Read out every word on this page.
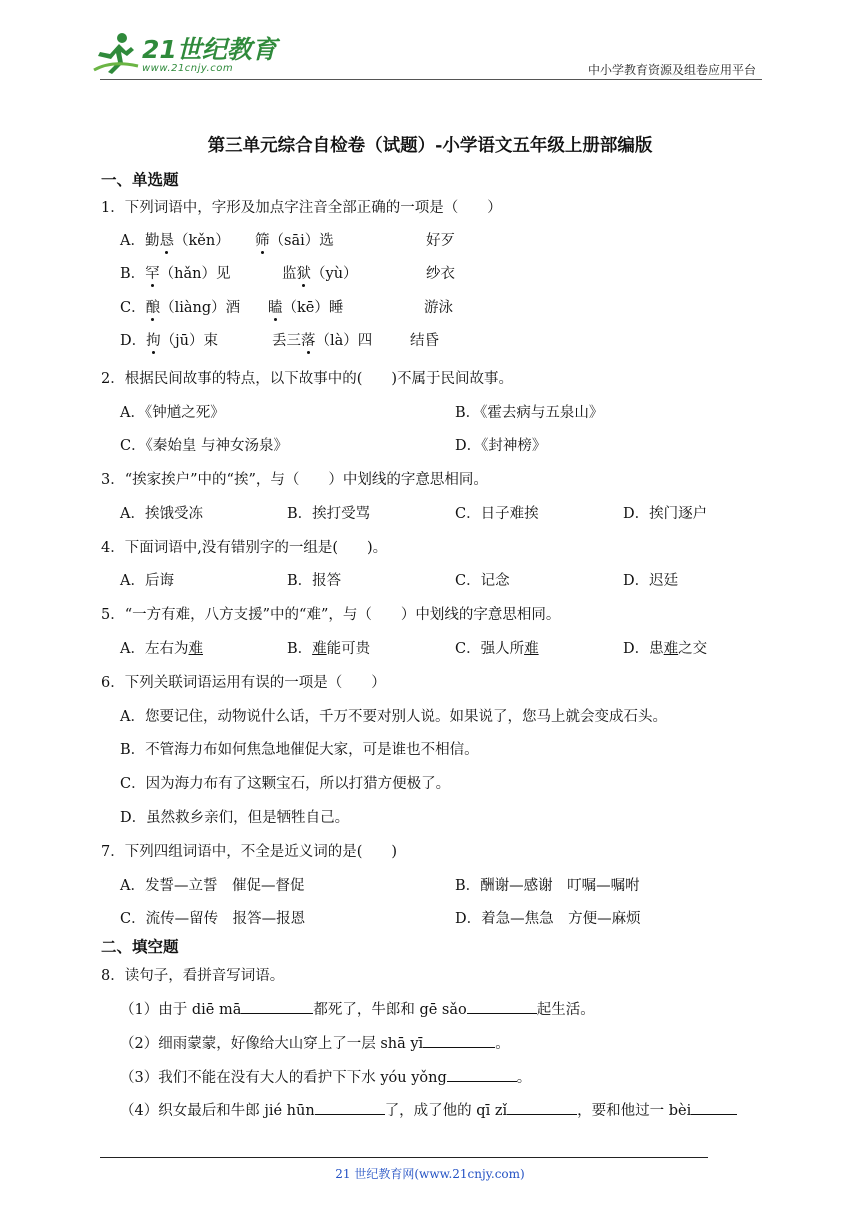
21世纪教育
www.21cnjy.com	中小学教育资源及组卷应用平台
第三单元综合自检卷（试题）-小学语文五年级上册部编版
一、单选题
1．下列词语中，字形及加点字注音全部正确的一项是（　　）
A．勤恳（kěn） 筛（sāi）选	好歹
B．罕（hǎn）见	监狱（yù）	纱衣
C．酿（liàng）酒 瞌（kē）睡	游泳
D．拘（jū）束	丢三落（là）四	结昏
2．根据民间故事的特点，以下故事中的(　　)不属于民间故事。
A．《钟馗之死》	B．《霍去病与五泉山》
C．《秦始皇 与神女汤泉》	D．《封神榜》
3．“挨家挨户”中的“挨”，与（　　）中划线的字意思相同。
A．挨饿受冻	B．挨打受骂	C．日子难挨	D．挨门逐户
4．下面词语中,没有错别字的一组是(　　)。
A．后诲	B．报答	C．记念	D．迟廷
5．“一方有难，八方支援”中的“难”，与（　　）中划线的字意思相同。
A．左右为难	B．难能可贵	C．强人所难	D．患难之交
6．下列关联词语运用有误的一项是（　　）
A．您要记住，动物说什么话，千万不要对别人说。如果说了，您马上就会变成石头。
B．不管海力布如何焦急地催促大家，可是谁也不相信。
C．因为海力布有了这颗宝石，所以打猎方便极了。
D．虽然救乡亲们，但是牺牲自己。
7．下列四组词语中，不全是近义词的是(　　)
A．发誓—立誓　催促—督促	B．酬谢—感谢　叮嘱—嘱咐
C．流传—留传　报答—报恩	D．着急—焦急　方便—麻烦
二、填空题
8．读句子，看拼音写词语。
（1）由于 diē mā	都死了，牛郎和 gē sǎo	起生活。
（2）细雨蒙蒙，好像给大山穿上了一层 shā yī	。
（3）我们不能在没有大人的看护下下水 yóu yǒng	。
（4）织女最后和牛郎 jié hūn	了，成了他的 qī zǐ	，要和他过一 bèi
21 世纪教育网(www.21cnjy.com)
